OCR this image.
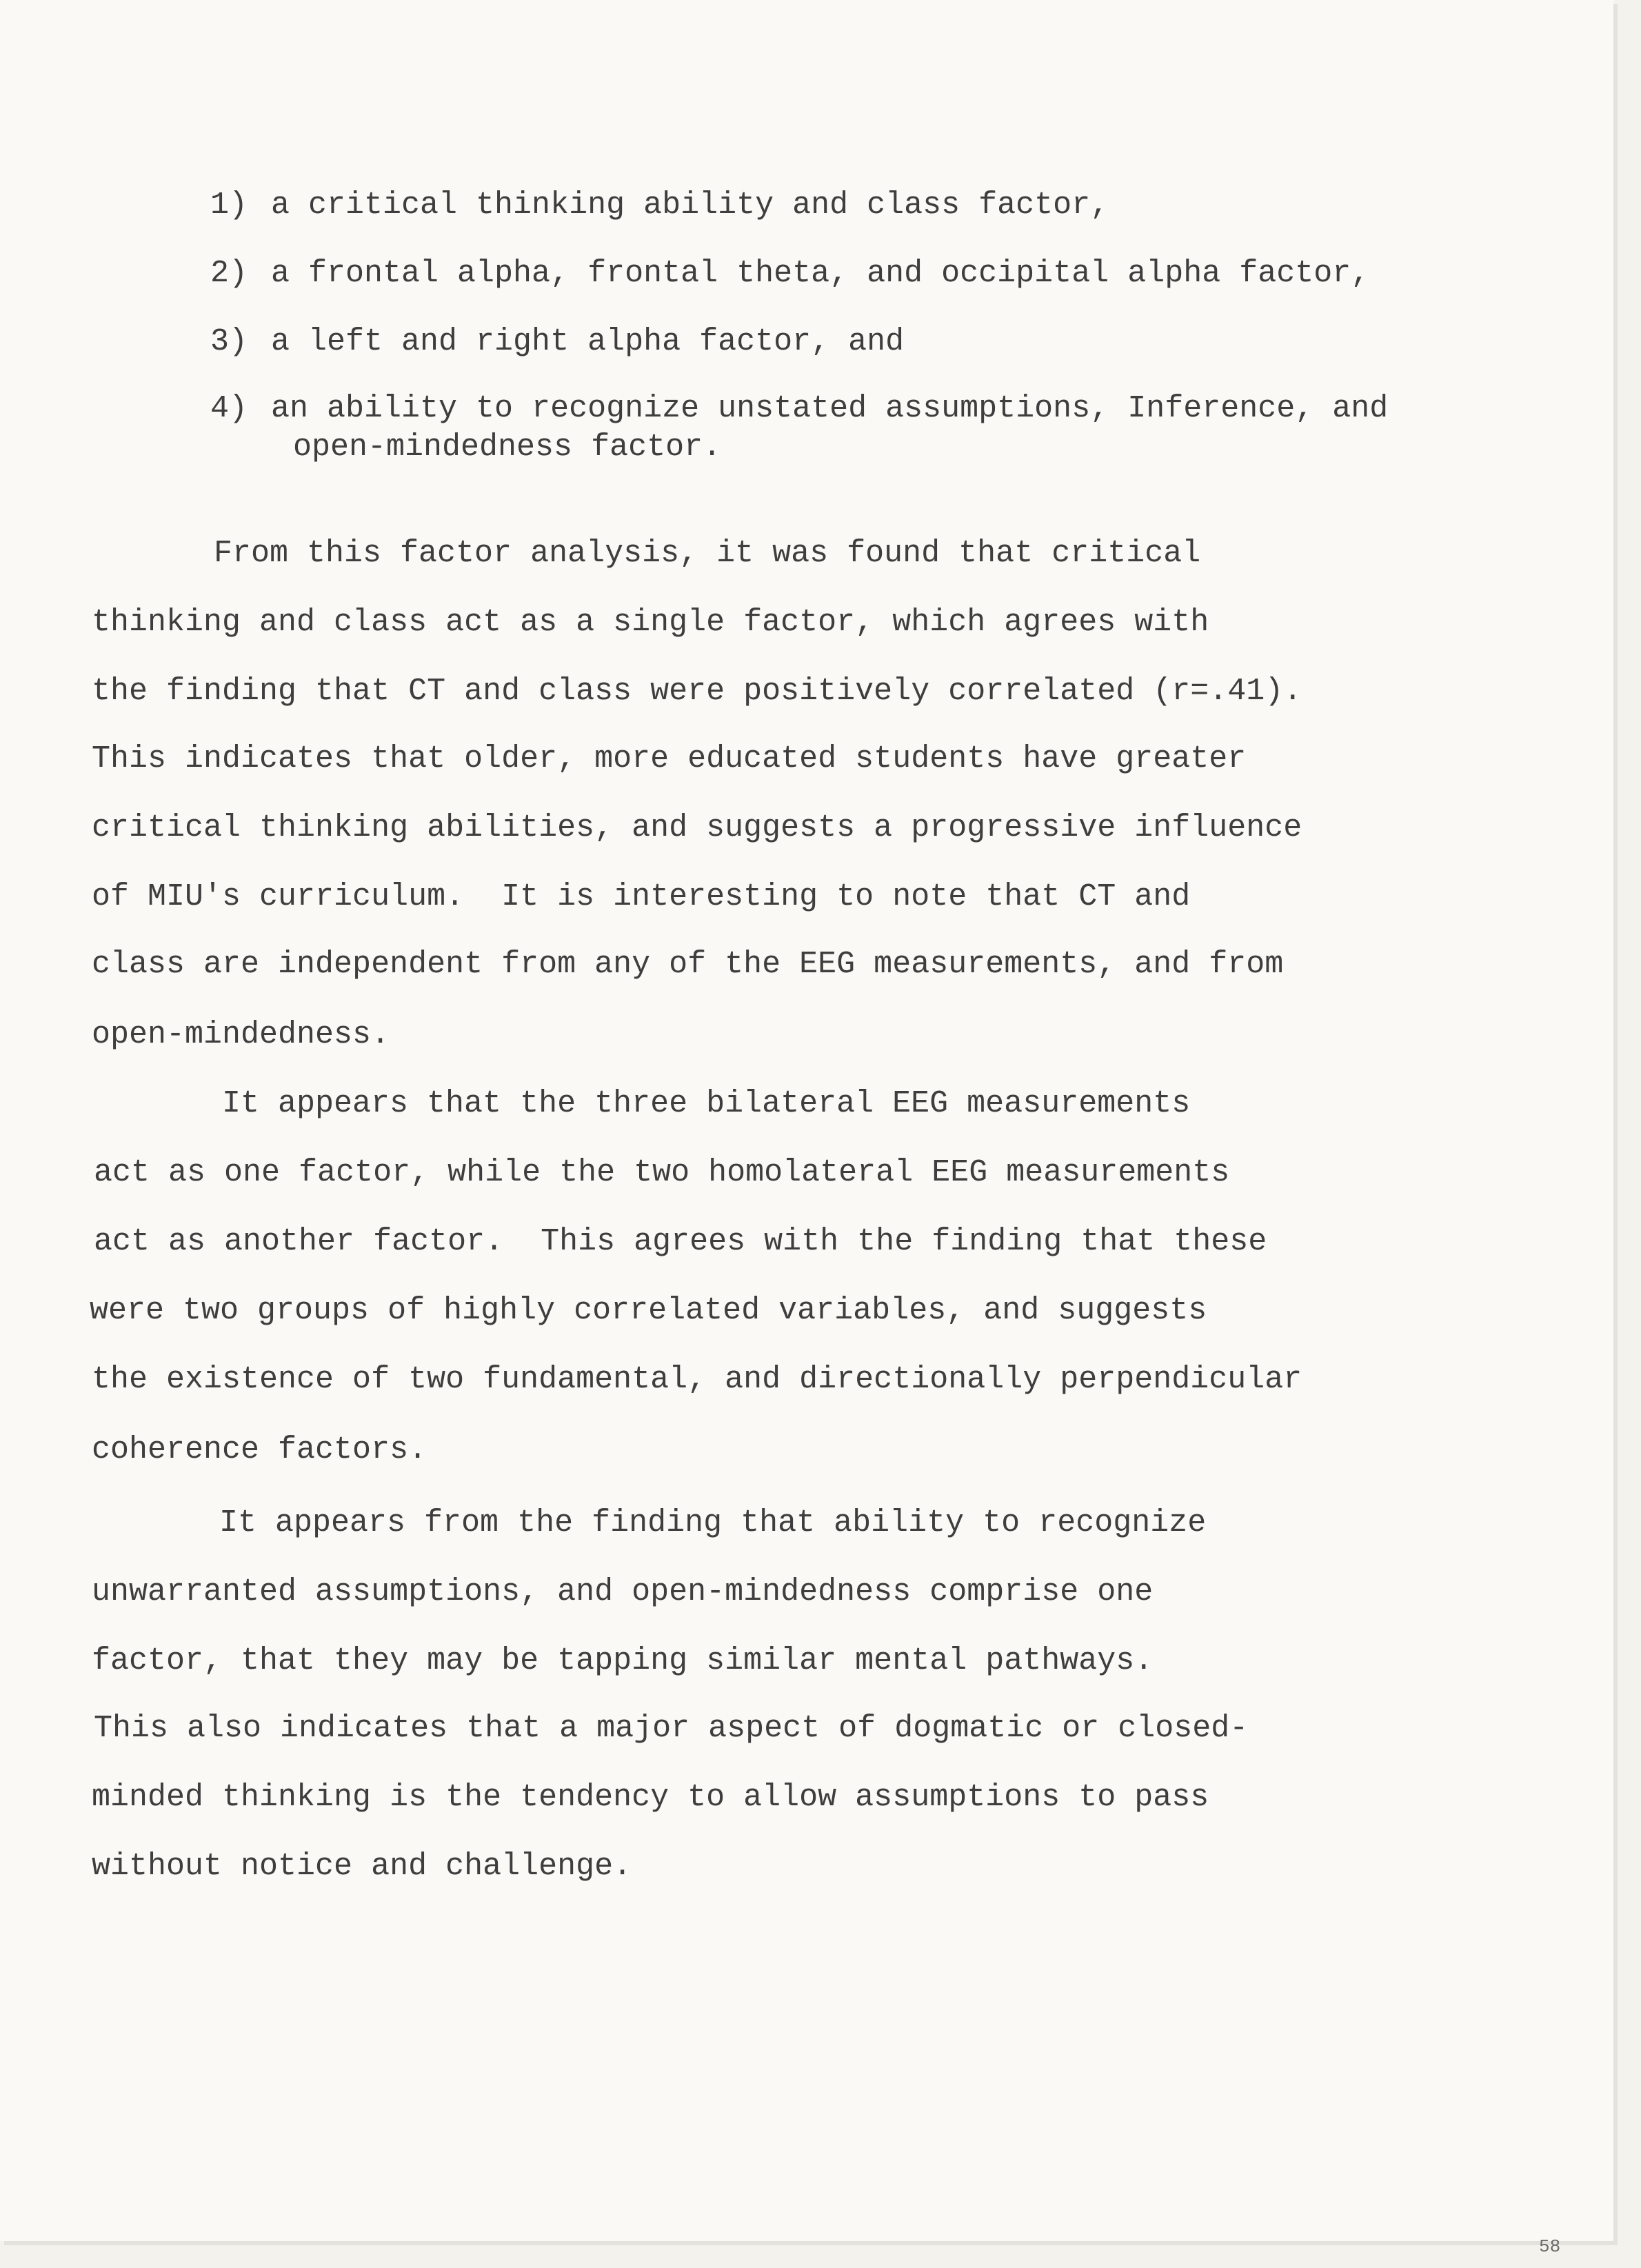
1) a critical thinking ability and class factor,
2) a frontal alpha, frontal theta, and occipital alpha factor,
3) a left and right alpha factor, and
4) an ability to recognize unstated assumptions, Inference, and
open-mindedness factor.
From this factor analysis, it was found that critical
thinking and class act as a single factor, which agrees with
the finding that CT and class were positively correlated (r=.41).
This indicates that older, more educated students have greater
critical thinking abilities, and suggests a progressive influence
of MIU's curriculum.  It is interesting to note that CT and
class are independent from any of the EEG measurements, and from
open-mindedness.
It appears that the three bilateral EEG measurements
act as one factor, while the two homolateral EEG measurements
act as another factor.  This agrees with the finding that these
were two groups of highly correlated variables, and suggests
the existence of two fundamental, and directionally perpendicular
coherence factors.
It appears from the finding that ability to recognize
unwarranted assumptions, and open-mindedness comprise one
factor, that they may be tapping similar mental pathways.
This also indicates that a major aspect of dogmatic or closed-
minded thinking is the tendency to allow assumptions to pass
without notice and challenge.
58
